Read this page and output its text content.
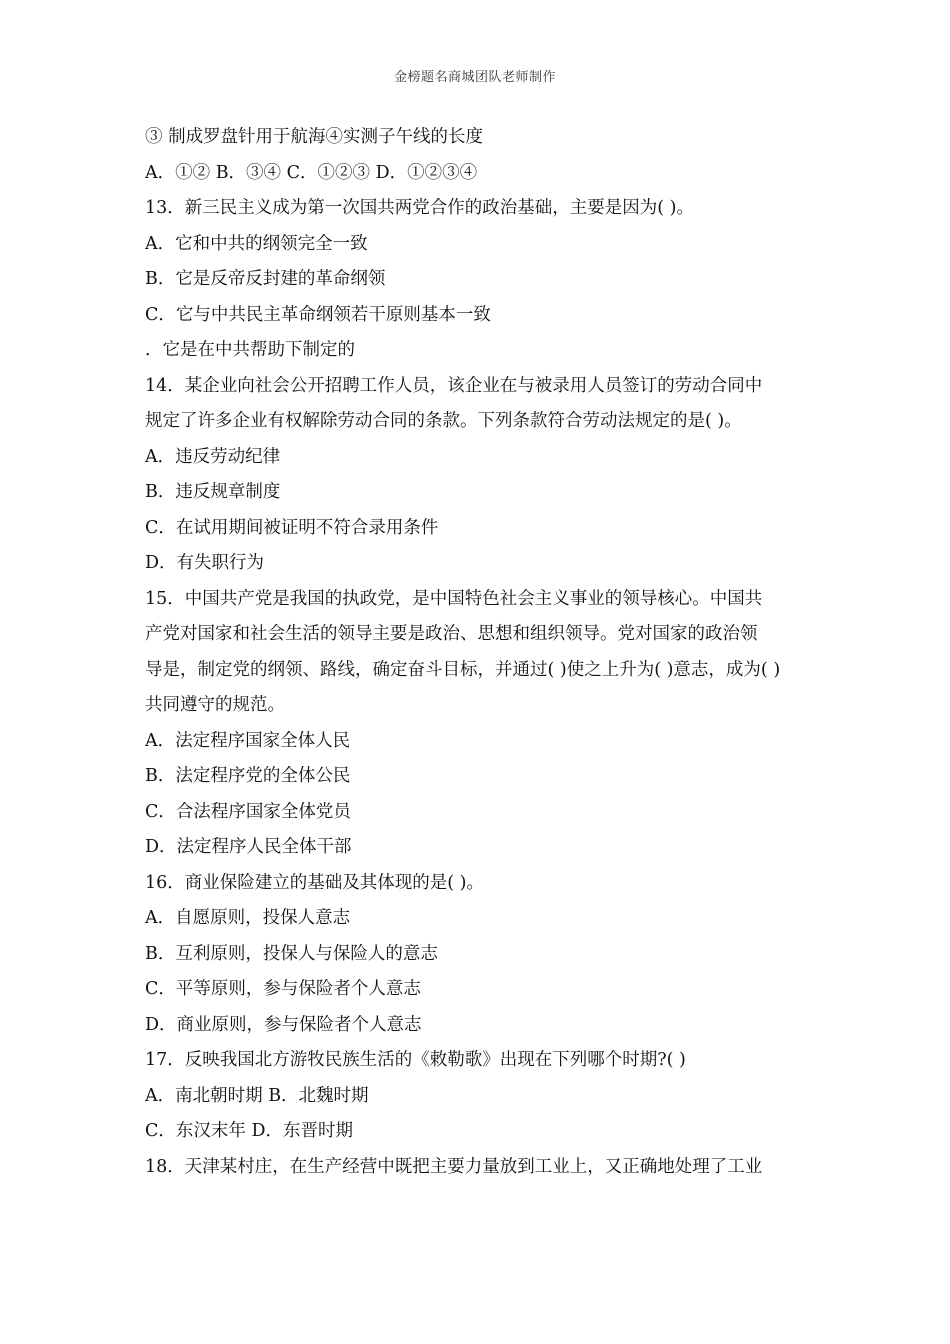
金榜题名商城团队老师制作
③ 制成罗盘针用于航海④实测子午线的长度
A．①② B．③④ C．①②③ D．①②③④
13．新三民主义成为第一次国共两党合作的政治基础，主要是因为( )。
A．它和中共的纲领完全一致
B．它是反帝反封建的革命纲领
C．它与中共民主革命纲领若干原则基本一致
．它是在中共帮助下制定的
14．某企业向社会公开招聘工作人员，该企业在与被录用人员签订的劳动合同中
规定了许多企业有权解除劳动合同的条款。下列条款符合劳动法规定的是( )。
A．违反劳动纪律
B．违反规章制度
C．在试用期间被证明不符合录用条件
D．有失职行为
15．中国共产党是我国的执政党，是中国特色社会主义事业的领导核心。中国共
产党对国家和社会生活的领导主要是政治、思想和组织领导。党对国家的政治领
导是，制定党的纲领、路线，确定奋斗目标，并通过( )使之上升为( )意志，成为( )
共同遵守的规范。
A．法定程序国家全体人民
B．法定程序党的全体公民
C．合法程序国家全体党员
D．法定程序人民全体干部
16．商业保险建立的基础及其体现的是( )。
A．自愿原则，投保人意志
B．互利原则，投保人与保险人的意志
C．平等原则，参与保险者个人意志
D．商业原则，参与保险者个人意志
17．反映我国北方游牧民族生活的《敕勒歌》出现在下列哪个时期?( )
A．南北朝时期 B．北魏时期
C．东汉末年 D．东晋时期
18．天津某村庄，在生产经营中既把主要力量放到工业上，又正确地处理了工业
